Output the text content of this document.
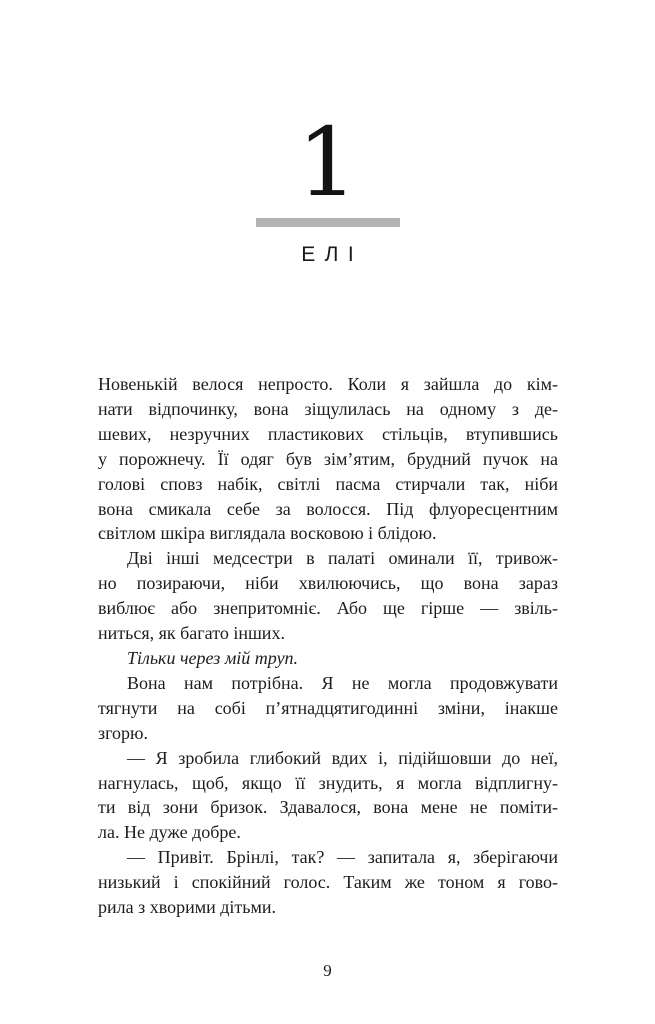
1
ЕЛІ
Новенькій велося непросто. Коли я зайшла до кім-
нати відпочинку, вона зіщулилась на одному з де-
шевих, незручних пластикових стільців, втупившись
у порожнечу. Її одяг був зім’ятим, брудний пучок на
голові сповз набік, світлі пасма стирчали так, ніби
вона смикала себе за волосся. Під флуоресцентним
світлом шкіра виглядала восковою і блідою.
Дві інші медсестри в палаті оминали її, тривож-
но позираючи, ніби хвилюючись, що вона зараз
виблює або знепритомніє. Або ще гірше — звіль-
ниться, як багато інших.
Тільки через мій труп.
Вона нам потрібна. Я не могла продовжувати
тягнути на собі п’ятнадцятигодинні зміни, інакше
згорю.
— Я зробила глибокий вдих і, підійшовши до неї,
нагнулась, щоб, якщо її знудить, я могла відплигну-
ти від зони бризок. Здавалося, вона мене не поміти-
ла. Не дуже добре.
— Привіт. Брінлі, так? — запитала я, зберігаючи
низький і спокійний голос. Таким же тоном я гово-
рила з хворими дітьми.
9
